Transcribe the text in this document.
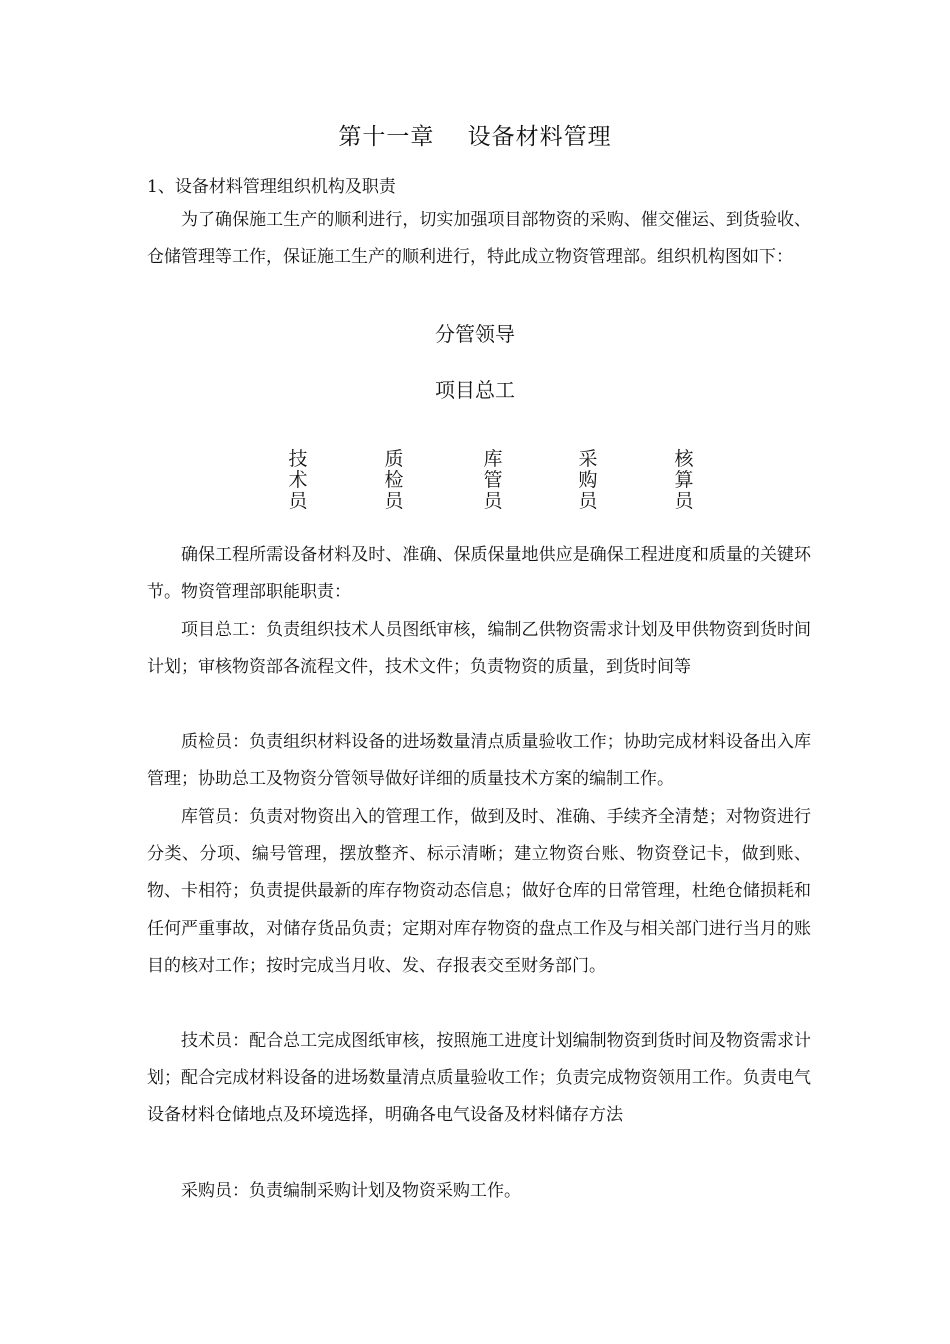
第十一章    设备材料管理
1、设备材料管理组织机构及职责

为了确保施工生产的顺利进行，切实加强项目部物资的采购、催交催运、到货验收、仓储管理等工作，保证施工生产的顺利进行，特此成立物资管理部。组织机构图如下：

分管领导
项目总工
技
术
员
质
检
员
库
管
员
采
购
员
核
算
员

确保工程所需设备材料及时、准确、保质保量地供应是确保工程进度和质量的关键环节。物资管理部职能职责：

项目总工：负责组织技术人员图纸审核，编制乙供物资需求计划及甲供物资到货时间计划；审核物资部各流程文件，技术文件；负责物资的质量，到货时间等

质检员：负责组织材料设备的进场数量清点质量验收工作；协助完成材料设备出入库管理；协助总工及物资分管领导做好详细的质量技术方案的编制工作。

库管员：负责对物资出入的管理工作，做到及时、准确、手续齐全清楚；对物资进行分类、分项、编号管理，摆放整齐、标示清晰；建立物资台账、物资登记卡，做到账、物、卡相符；负责提供最新的库存物资动态信息；做好仓库的日常管理，杜绝仓储损耗和任何严重事故，对储存货品负责；定期对库存物资的盘点工作及与相关部门进行当月的账目的核对工作；按时完成当月收、发、存报表交至财务部门。

技术员：配合总工完成图纸审核，按照施工进度计划编制物资到货时间及物资需求计划；配合完成材料设备的进场数量清点质量验收工作；负责完成物资领用工作。负责电气设备材料仓储地点及环境选择，明确各电气设备及材料储存方法

采购员：负责编制采购计划及物资采购工作。
